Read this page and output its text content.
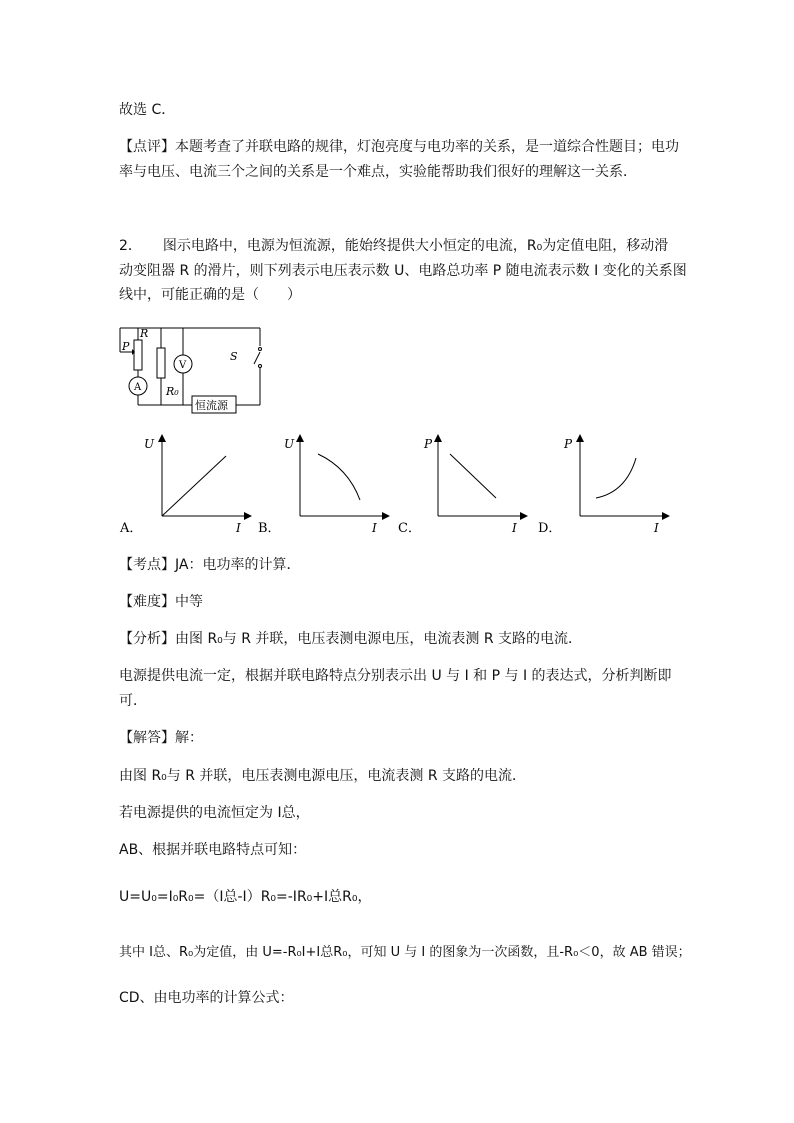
故选 C．
【点评】本题考查了并联电路的规律，灯泡亮度与电功率的关系，是一道综合性题目；电功
率与电压、电流三个之间的关系是一个难点，实验能帮助我们很好的理解这一关系．
2．　　图示电路中，电源为恒流源，能始终提供大小恒定的电流，R₀为定值电阻，移动滑
动变阻器 R 的滑片，则下列表示电压表示数 U、电路总功率 P 随电流表示数 I 变化的关系图
线中，可能正确的是（　　）
R
P
A
V
R₀
S
恒流源
U
I
A．
U
I
B．
P
I
C．
P
I
D．
【考点】JA：电功率的计算．
【难度】中等
【分析】由图 R₀与 R 并联，电压表测电源电压，电流表测 R 支路的电流．
电源提供电流一定，根据并联电路特点分别表示出 U 与 I 和 P 与 I 的表达式，分析判断即
可．
【解答】解：
由图 R₀与 R 并联，电压表测电源电压，电流表测 R 支路的电流．
若电源提供的电流恒定为 I总，
AB、根据并联电路特点可知：
U=U₀=I₀R₀=（I总-I）R₀=-IR₀+I总R₀，
其中 I总、R₀为定值，由 U=-R₀I+I总R₀，可知 U 与 I 的图象为一次函数，且-R₀＜0，故 AB 错误；
CD、由电功率的计算公式：
